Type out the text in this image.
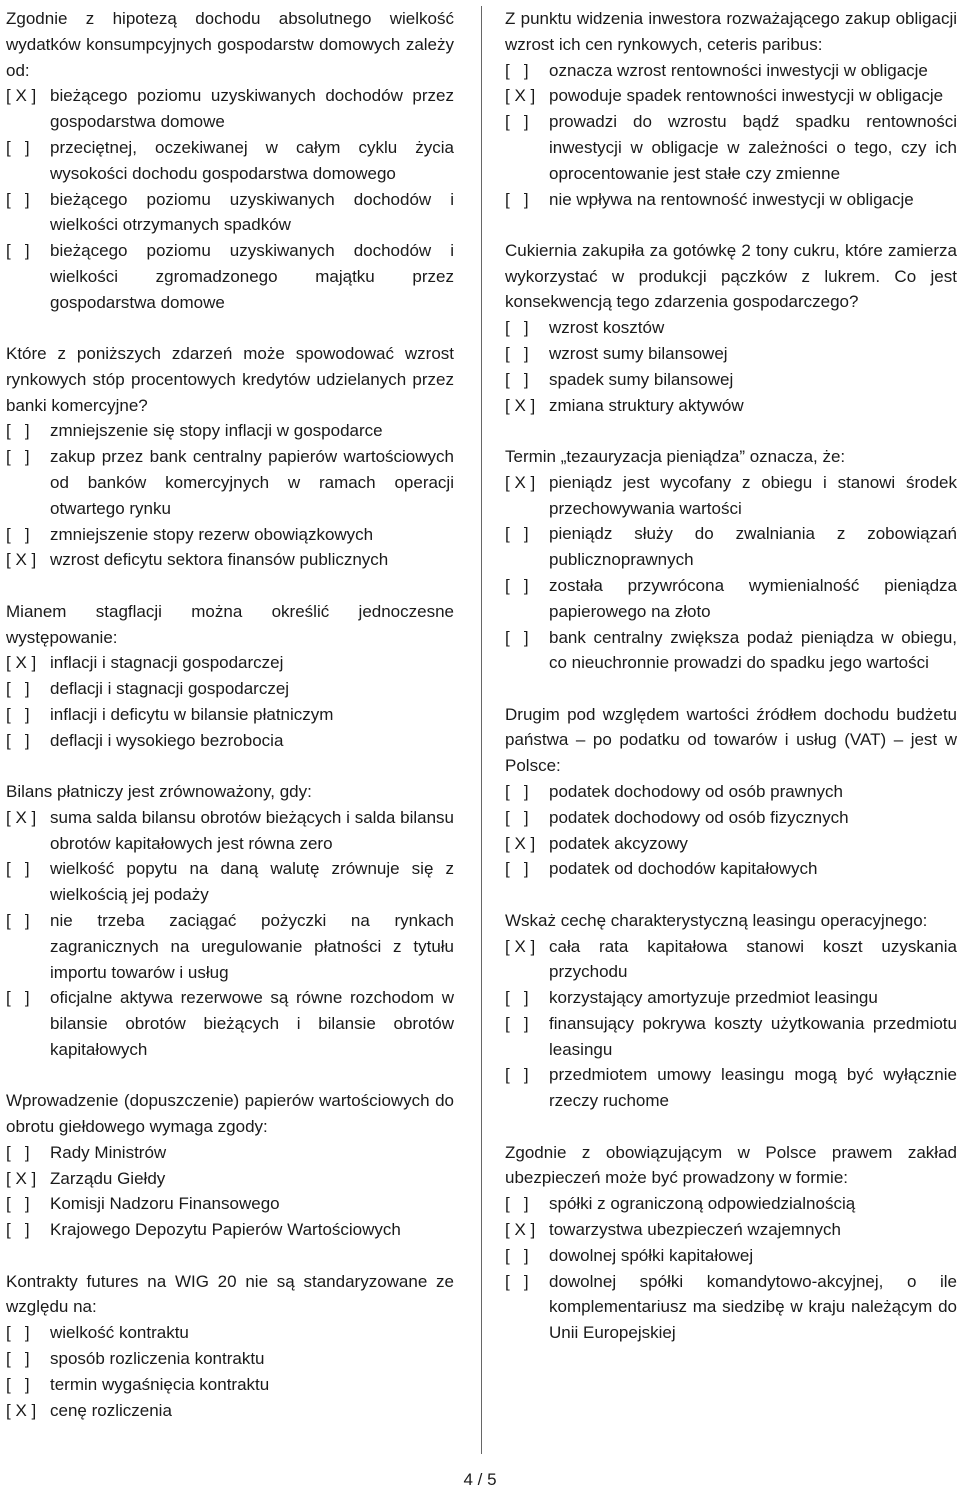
Zgodnie z hipotezą dochodu absolutnego wielkość wydatków konsumpcyjnych gospodarstw domowych zależy od:
[ X ] bieżącego poziomu uzyskiwanych dochodów przez gospodarstwa domowe
[   ]	przeciętnej, oczekiwanej w całym cyklu życia wysokości dochodu gospodarstwa domowego
[   ]	bieżącego poziomu uzyskiwanych dochodów i wielkości otrzymanych spadków
[   ]	bieżącego poziomu uzyskiwanych dochodów i wielkości zgromadzonego majątku przez gospodarstwa domowe
Które z poniższych zdarzeń może spowodować wzrost rynkowych stóp procentowych kredytów udzielanych przez banki komercyjne?
[   ]	zmniejszenie się stopy inflacji w gospodarce
[   ]	zakup przez bank centralny papierów wartościowych od banków komercyjnych w ramach operacji otwartego rynku
[   ]	zmniejszenie stopy rezerw obowiązkowych
[ X ] wzrost deficytu sektora finansów publicznych
Mianem stagflacji można określić jednoczesne występowanie:
[ X ] inflacji i stagnacji gospodarczej
[   ]	deflacji i stagnacji gospodarczej
[   ]	inflacji i deficytu w bilansie płatniczym
[   ]	deflacji i wysokiego bezrobocia
Bilans płatniczy jest zrównoważony, gdy:
[ X ] suma salda bilansu obrotów bieżących i salda bilansu obrotów kapitałowych jest równa zero
[   ]	wielkość popytu na daną walutę zrównuje się z wielkością jej podaży
[   ]	nie trzeba zaciągać pożyczki na rynkach zagranicznych na uregulowanie płatności z tytułu importu towarów i usług
[   ]	oficjalne aktywa rezerwowe są równe rozchodom w bilansie obrotów bieżących i bilansie obrotów kapitałowych
Wprowadzenie (dopuszczenie) papierów wartościowych do obrotu giełdowego wymaga zgody:
[   ]	Rady Ministrów
[ X ] Zarządu Giełdy
[   ]	Komisji Nadzoru Finansowego
[   ]	Krajowego Depozytu Papierów Wartościowych
Kontrakty futures na WIG 20 nie są standaryzowane ze względu na:
[   ]	wielkość kontraktu
[   ]	sposób rozliczenia kontraktu
[   ]	termin wygaśnięcia kontraktu
[ X ] cenę rozliczenia
Z punktu widzenia inwestora rozważającego zakup obligacji wzrost ich cen rynkowych, ceteris paribus:
[   ]	oznacza wzrost rentowności inwestycji w obligacje
[ X ] powoduje spadek rentowności inwestycji w obligacje
[   ]	prowadzi do wzrostu bądź spadku rentowności inwestycji w obligacje w zależności o tego, czy ich oprocentowanie jest stałe czy zmienne
[   ]	nie wpływa na rentowność inwestycji w obligacje
Cukiernia zakupiła za gotówkę 2 tony cukru, które zamierza wykorzystać w produkcji pączków z lukrem. Co jest konsekwencją tego zdarzenia gospodarczego?
[   ]	wzrost kosztów
[   ]	wzrost sumy bilansowej
[   ]	spadek sumy bilansowej
[ X ] zmiana struktury aktywów
Termin „tezauryzacja pieniądza” oznacza, że:
[ X ] pieniądz jest wycofany z obiegu i stanowi środek przechowywania wartości
[   ]	pieniądz służy do zwalniania z zobowiązań publicznoprawnych
[   ]	została przywrócona wymienialność pieniądza papierowego na złoto
[   ]	bank centralny zwiększa podaż pieniądza w obiegu, co nieuchronnie prowadzi do spadku jego wartości
Drugim pod względem wartości źródłem dochodu budżetu państwa – po podatku od towarów i usług (VAT) – jest w Polsce:
[   ]	podatek dochodowy od osób prawnych
[   ]	podatek dochodowy od osób fizycznych
[ X ] podatek akcyzowy
[   ]	podatek od dochodów kapitałowych
Wskaż cechę charakterystyczną leasingu operacyjnego:
[ X ] cała rata kapitałowa stanowi koszt uzyskania przychodu
[   ]	korzystający amortyzuje przedmiot leasingu
[   ]	finansujący pokrywa koszty użytkowania przedmiotu leasingu
[   ]	przedmiotem umowy leasingu mogą być wyłącznie rzeczy ruchome
Zgodnie z obowiązującym w Polsce prawem zakład ubezpieczeń może być prowadzony w formie:
[   ]	spółki z ograniczoną odpowiedzialnością
[ X ] towarzystwa ubezpieczeń wzajemnych
[   ]	dowolnej spółki kapitałowej
[   ]	dowolnej spółki komandytowo-akcyjnej, o ile komplementariusz ma siedzibę w kraju należącym do Unii Europejskiej
4 / 5
